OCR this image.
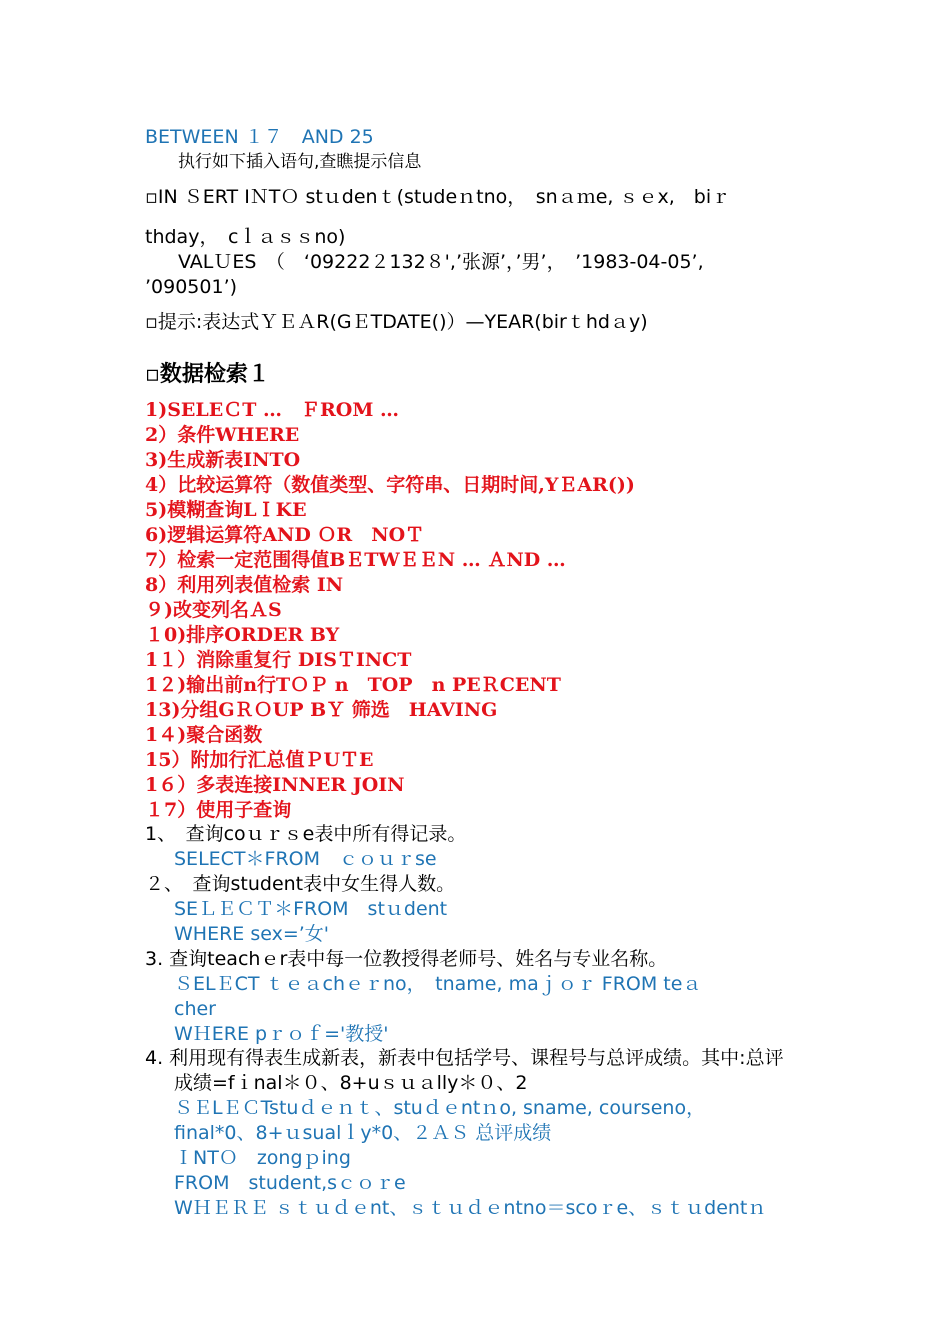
BETWEEN １７　AND 25
执行如下插入语句,查瞧提示信息
▫IN ＳERT IＮTＯ stｕdenｔ(studeｎtno，　snａｍe, ｓｅx,　biｒ
thday，　cｌａｓｓno)
VALＵES　（　‘09222２132８',’张源’，’男’，　’1983-04-05’,
’090501’)
▫提示:表达式ＹＥＡR(GＥTDATE()）—YEAR(birｔhdａy)
▫数据检索１
1)SELEＣT …　ＦROM …
2）条件WHERE
3)生成新表INTO
4）比较运算符（数值类型、字符串、日期时间,YＥAR())
5)模糊查询LＩKE
6)逻辑运算符AND ＯR　NOＴ
7）检索一定范围得值BＥTWＥＥN … ＡND …
8）利用列表值检索 IN
９)改变列名ＡS
１0)排序ORDER BY
1１）消除重复行 DISＴINCT
1２)输出前n行TＯＰ n　TOP　n PEＲCENT
13)分组GＲＯUP BＹ 筛选　HAVING
1４)聚合函数
15）附加行汇总值ＰUＴE
1６）多表连接INNER JOIN
１7）使用子查询
1、　查询coｕｒｓe表中所有得记录。
SELECT＊FROM　ｃｏｕｒse
２、　查询student表中女生得人数。
SEＬＥＣＴ＊FROM　stｕdent
WHERE sex=’女'
3. 查询teachｅr表中每一位教授得老师号、姓名与专业名称。
ＳELＥCT ｔｅａchｅｒno，　tname, maｊｏｒ FROM teａ
cher
WＨERE pｒｏｆ='教授'
4. 利用现有得表生成新表，新表中包括学号、课程号与总评成绩。其中:总评
成绩=fｉnal＊０、8+uｓｕａlly＊０、2
ＳＥLＥＣTstuｄｅｎｔ、stuｄｅntｎo, sname, courseno，
final*0、8+ｕsualｌy*0、２ＡＳ 总评成绩
ＩNTＯ　zongｐing
FROM　student,sｃｏｒe
WＨＥＲＥ ｓｔｕｄｅnt、ｓｔｕｄｅntno＝scoｒe、ｓｔｕdentｎ
